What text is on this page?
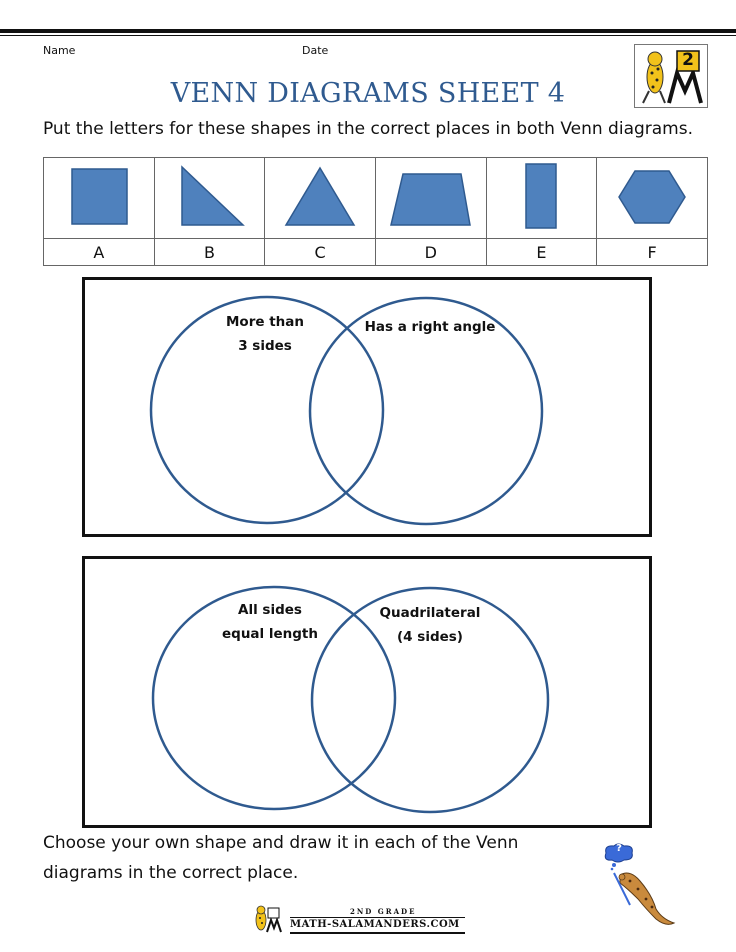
Name	Date	2
VENN DIAGRAMS SHEET 4
Put the letters for these shapes in the correct places in both Venn diagrams.

A	B	C	D	E	F
More than
3 sides
Has a right angle
All sides
equal length
Quadrilateral
(4 sides)
Choose your own shape and draw it in each of the Venn
diagrams in the correct place.
?
2ND GRADE
MATH-SALAMANDERS.COM
